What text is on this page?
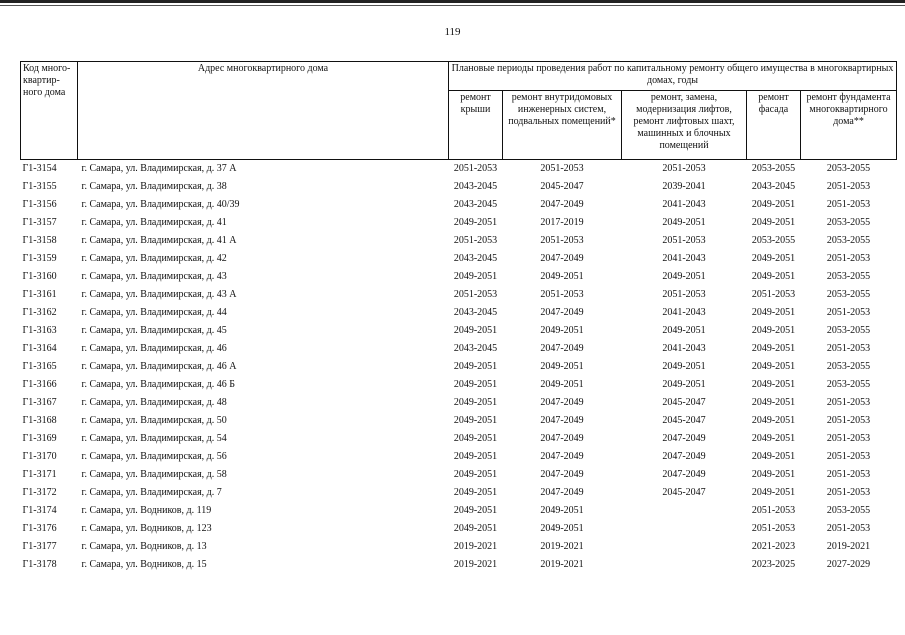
119
Код много-квартир-ного дома	Адрес многоквартирного дома	Плановые периоды проведения работ по капитальному ремонту общего имущества в многоквартирных домах, годы				
		ремонт крыши	ремонт внутридомовых инженерных систем, подвальных помещений*	ремонт, замена, модернизация лифтов, ремонт лифтовых шахт, машинных и блочных помещений	ремонт фасада	ремонт фундамента многоквартирного дома**
Г1-3154	г. Самара, ул. Владимирская, д. 37 А	2051-2053	2051-2053	2051-2053	2053-2055	2053-2055
Г1-3155	г. Самара, ул. Владимирская, д. 38	2043-2045	2045-2047	2039-2041	2043-2045	2051-2053
Г1-3156	г. Самара, ул. Владимирская, д. 40/39	2043-2045	2047-2049	2041-2043	2049-2051	2051-2053
Г1-3157	г. Самара, ул. Владимирская, д. 41	2049-2051	2017-2019	2049-2051	2049-2051	2053-2055
Г1-3158	г. Самара, ул. Владимирская, д. 41 А	2051-2053	2051-2053	2051-2053	2053-2055	2053-2055
Г1-3159	г. Самара, ул. Владимирская, д. 42	2043-2045	2047-2049	2041-2043	2049-2051	2051-2053
Г1-3160	г. Самара, ул. Владимирская, д. 43	2049-2051	2049-2051	2049-2051	2049-2051	2053-2055
Г1-3161	г. Самара, ул. Владимирская, д. 43 А	2051-2053	2051-2053	2051-2053	2051-2053	2053-2055
Г1-3162	г. Самара, ул. Владимирская, д. 44	2043-2045	2047-2049	2041-2043	2049-2051	2051-2053
Г1-3163	г. Самара, ул. Владимирская, д. 45	2049-2051	2049-2051	2049-2051	2049-2051	2053-2055
Г1-3164	г. Самара, ул. Владимирская, д. 46	2043-2045	2047-2049	2041-2043	2049-2051	2051-2053
Г1-3165	г. Самара, ул. Владимирская, д. 46 А	2049-2051	2049-2051	2049-2051	2049-2051	2053-2055
Г1-3166	г. Самара, ул. Владимирская, д. 46 Б	2049-2051	2049-2051	2049-2051	2049-2051	2053-2055
Г1-3167	г. Самара, ул. Владимирская, д. 48	2049-2051	2047-2049	2045-2047	2049-2051	2051-2053
Г1-3168	г. Самара, ул. Владимирская, д. 50	2049-2051	2047-2049	2045-2047	2049-2051	2051-2053
Г1-3169	г. Самара, ул. Владимирская, д. 54	2049-2051	2047-2049	2047-2049	2049-2051	2051-2053
Г1-3170	г. Самара, ул. Владимирская, д. 56	2049-2051	2047-2049	2047-2049	2049-2051	2051-2053
Г1-3171	г. Самара, ул. Владимирская, д. 58	2049-2051	2047-2049	2047-2049	2049-2051	2051-2053
Г1-3172	г. Самара, ул. Владимирская, д. 7	2049-2051	2047-2049	2045-2047	2049-2051	2051-2053
Г1-3174	г. Самара, ул. Водников, д. 119	2049-2051	2049-2051		2051-2053	2053-2055
Г1-3176	г. Самара, ул. Водников, д. 123	2049-2051	2049-2051		2051-2053	2051-2053
Г1-3177	г. Самара, ул. Водников, д. 13	2019-2021	2019-2021		2021-2023	2019-2021
Г1-3178	г. Самара, ул. Водников, д. 15	2019-2021	2019-2021		2023-2025	2027-2029
